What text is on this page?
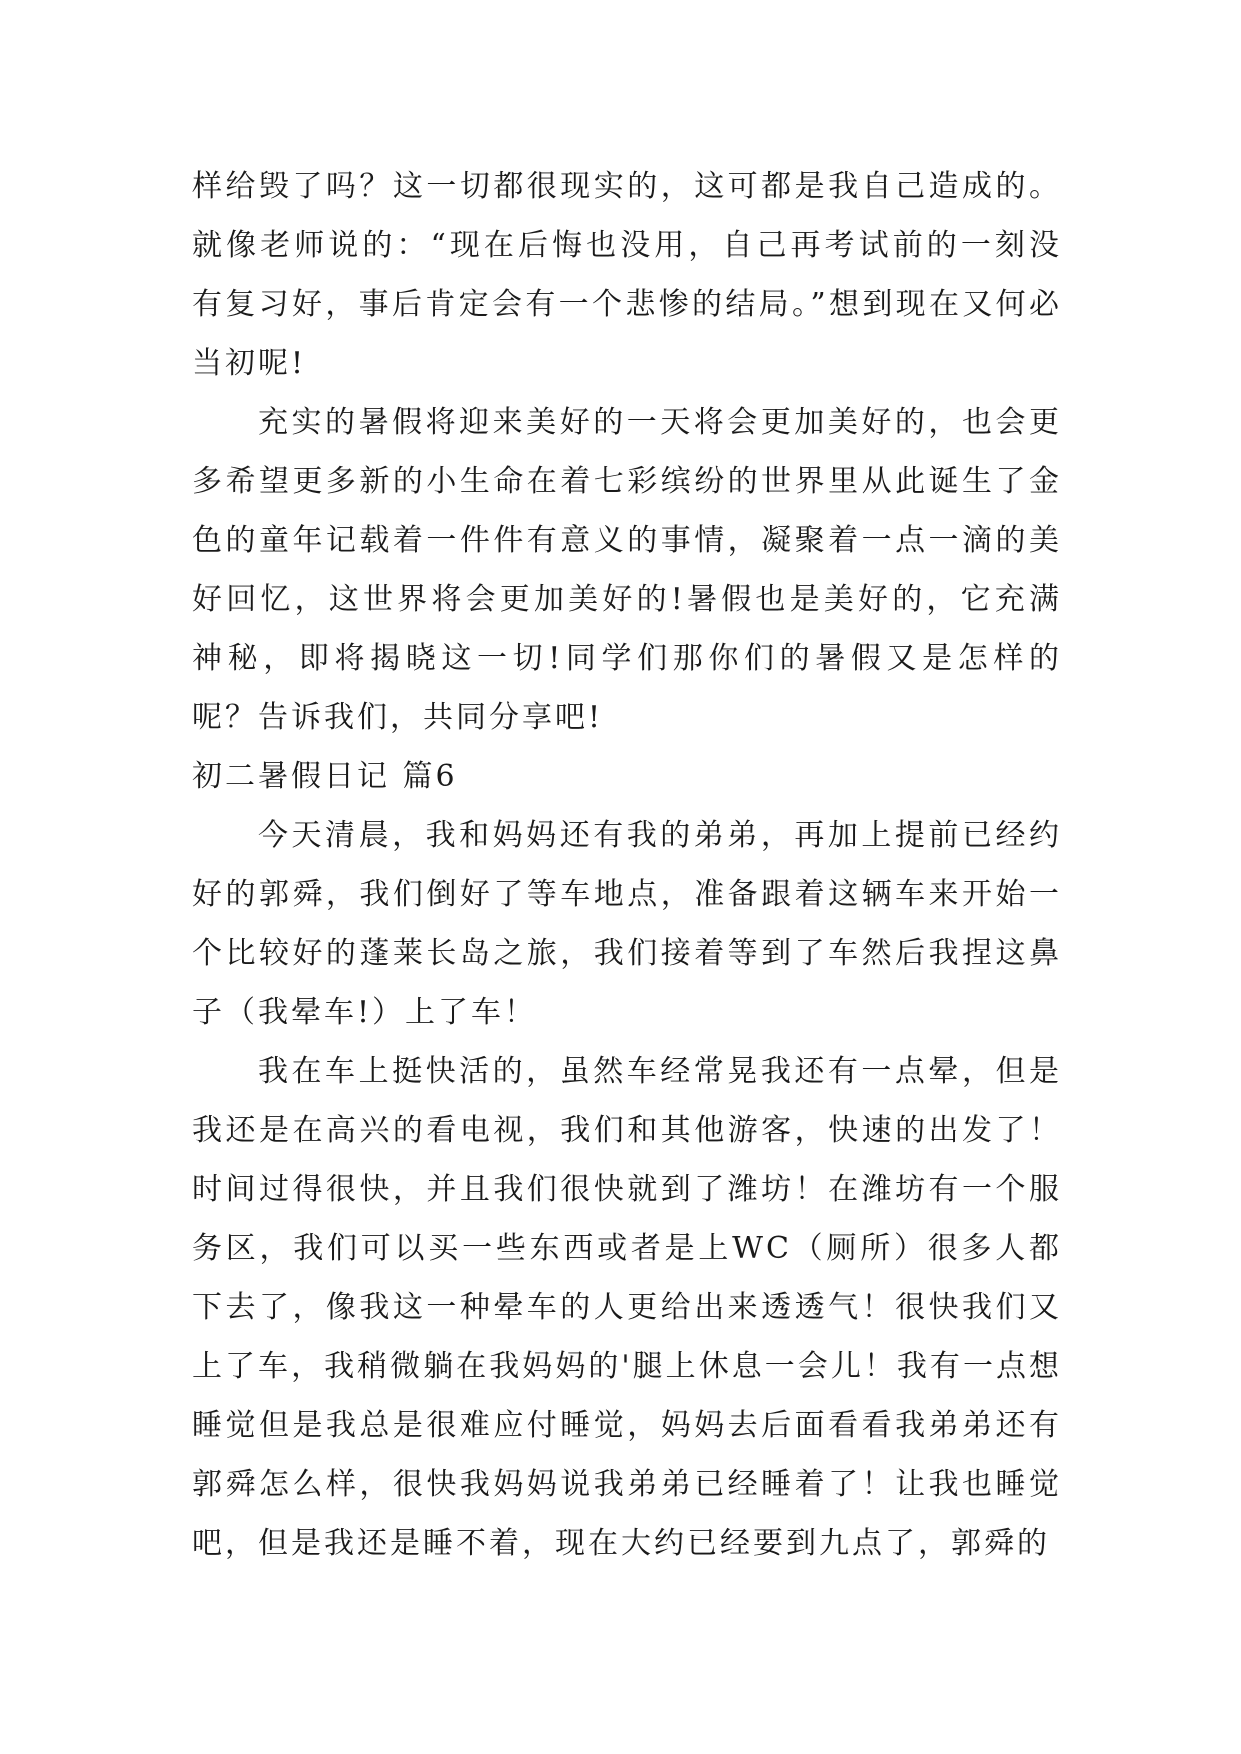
样给毁了吗？这一切都很现实的，这可都是我自己造成的。就像老师说的：“现在后悔也没用，自己再考试前的一刻没有复习好，事后肯定会有一个悲惨的结局。”想到现在又何必当初呢!

充实的暑假将迎来美好的一天将会更加美好的，也会更多希望更多新的小生命在着七彩缤纷的世界里从此诞生了金色的童年记载着一件件有意义的事情，凝聚着一点一滴的美好回忆，这世界将会更加美好的!暑假也是美好的，它充满神秘，即将揭晓这一切!同学们那你们的暑假又是怎样的呢？告诉我们，共同分享吧!

初二暑假日记 篇6

今天清晨，我和妈妈还有我的弟弟，再加上提前已经约好的郭舜，我们倒好了等车地点，准备跟着这辆车来开始一个比较好的蓬莱长岛之旅，我们接着等到了车然后我捏这鼻子（我晕车!）上了车！

我在车上挺快活的，虽然车经常晃我还有一点晕，但是我还是在高兴的看电视，我们和其他游客，快速的出发了！时间过得很快，并且我们很快就到了潍坊！在潍坊有一个服务区，我们可以买一些东西或者是上WC（厕所）很多人都下去了，像我这一种晕车的人更给出来透透气！很快我们又上了车，我稍微躺在我妈妈的'腿上休息一会儿！我有一点想睡觉但是我总是很难应付睡觉，妈妈去后面看看我弟弟还有郭舜怎么样，很快我妈妈说我弟弟已经睡着了！让我也睡觉吧，但是我还是睡不着，现在大约已经要到九点了，郭舜的
